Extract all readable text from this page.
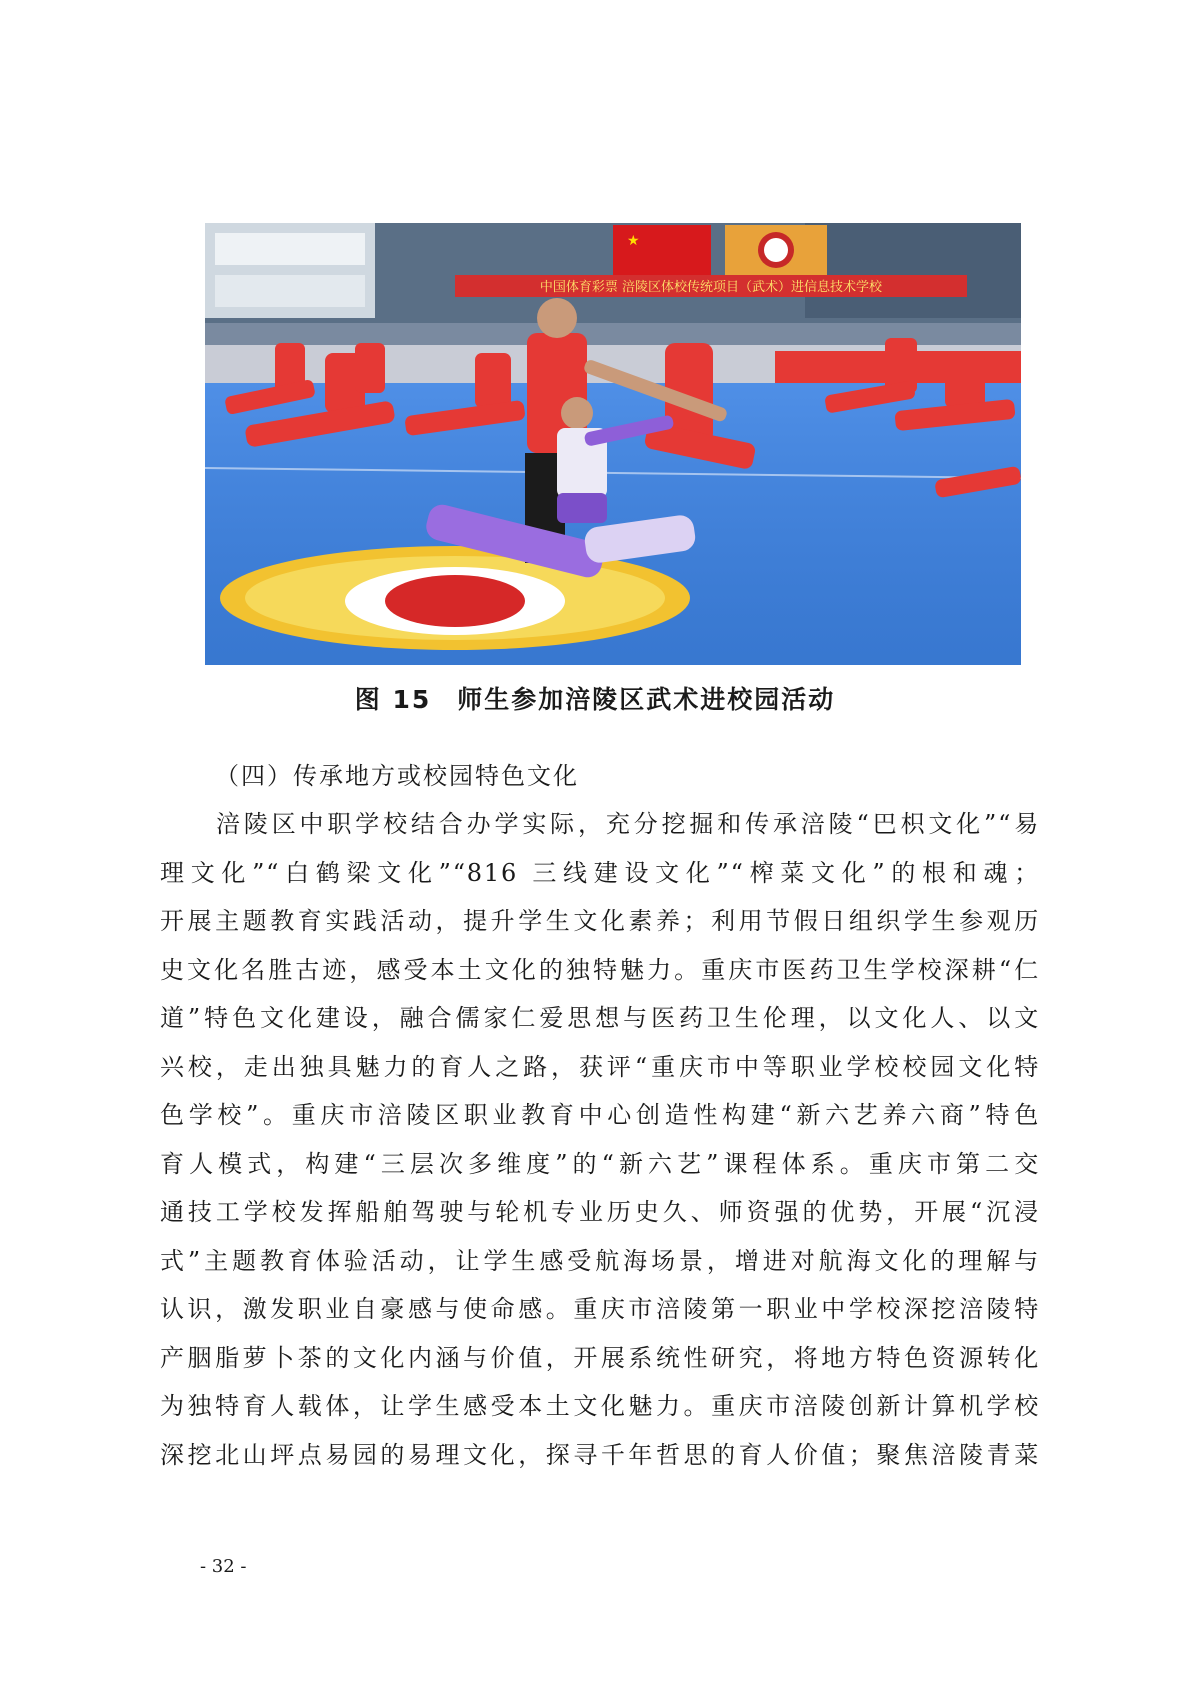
★
中国体育彩票 涪陵区体校传统项目（武术）进信息技术学校
图 15 师生参加涪陵区武术进校园活动
（四）传承地方或校园特色文化
涪陵区中职学校结合办学实际，充分挖掘和传承涪陵“巴枳文化”“易
理文化”“白鹤梁文化”“816 三线建设文化”“榨菜文化”的根和魂；
开展主题教育实践活动，提升学生文化素养；利用节假日组织学生参观历
史文化名胜古迹，感受本土文化的独特魅力。重庆市医药卫生学校深耕“仁
道”特色文化建设，融合儒家仁爱思想与医药卫生伦理，以文化人、以文
兴校，走出独具魅力的育人之路，获评“重庆市中等职业学校校园文化特
色学校”。重庆市涪陵区职业教育中心创造性构建“新六艺养六商”特色
育人模式，构建“三层次多维度”的“新六艺”课程体系。重庆市第二交
通技工学校发挥船舶驾驶与轮机专业历史久、师资强的优势，开展“沉浸
式”主题教育体验活动，让学生感受航海场景，增进对航海文化的理解与
认识，激发职业自豪感与使命感。重庆市涪陵第一职业中学校深挖涪陵特
产胭脂萝卜茶的文化内涵与价值，开展系统性研究，将地方特色资源转化
为独特育人载体，让学生感受本土文化魅力。重庆市涪陵创新计算机学校
深挖北山坪点易园的易理文化，探寻千年哲思的育人价值；聚焦涪陵青菜
- 32 -
